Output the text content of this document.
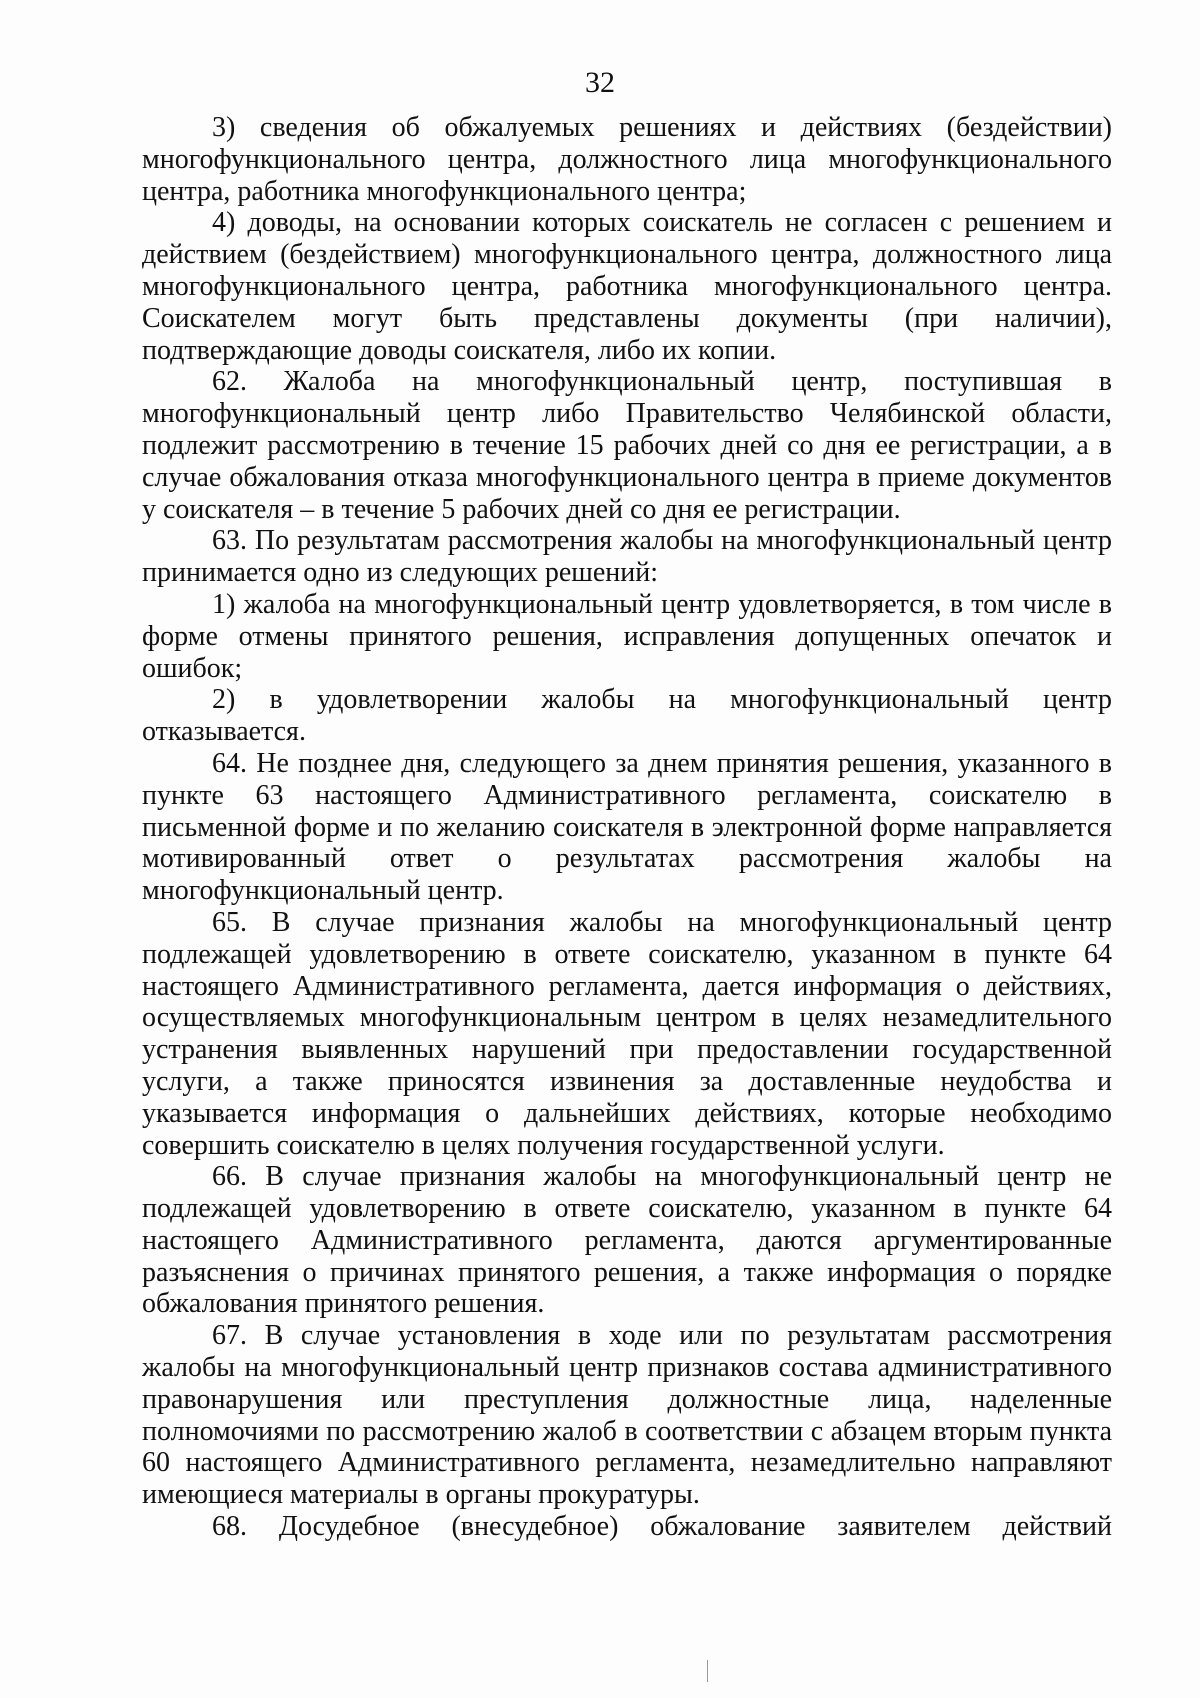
32

3) сведения об обжалуемых решениях и действиях (бездействии) многофункционального центра, должностного лица многофункционального центра, работника многофункционального центра;

4) доводы, на основании которых соискатель не согласен с решением и действием (бездействием) многофункционального центра, должностного лица многофункционального центра, работника многофункционального центра. Соискателем могут быть представлены документы (при наличии), подтверждающие доводы соискателя, либо их копии.

62. Жалоба на многофункциональный центр, поступившая в многофункциональный центр либо Правительство Челябинской области, подлежит рассмотрению в течение 15 рабочих дней со дня ее регистрации, а в случае обжалования отказа многофункционального центра в приеме документов у соискателя – в течение 5 рабочих дней со дня ее регистрации.

63. По результатам рассмотрения жалобы на многофункциональный центр принимается одно из следующих решений:

1) жалоба на многофункциональный центр удовлетворяется, в том числе в форме отмены принятого решения, исправления допущенных опечаток и ошибок;

2) в удовлетворении жалобы на многофункциональный центр отказывается.

64. Не позднее дня, следующего за днем принятия решения, указанного в пункте 63 настоящего Административного регламента, соискателю в письменной форме и по желанию соискателя в электронной форме направляется мотивированный ответ о результатах рассмотрения жалобы на многофункциональный центр.

65. В случае признания жалобы на многофункциональный центр подлежащей удовлетворению в ответе соискателю, указанном в пункте 64 настоящего Административного регламента, дается информация о действиях, осуществляемых многофункциональным центром в целях незамедлительного устранения выявленных нарушений при предоставлении государственной услуги, а также приносятся извинения за доставленные неудобства и указывается информация о дальнейших действиях, которые необходимо совершить соискателю в целях получения государственной услуги.

66. В случае признания жалобы на многофункциональный центр не подлежащей удовлетворению в ответе соискателю, указанном в пункте 64 настоящего Административного регламента, даются аргументированные разъяснения о причинах принятого решения, а также информация о порядке обжалования принятого решения.

67. В случае установления в ходе или по результатам рассмотрения жалобы на многофункциональный центр признаков состава административного правонарушения или преступления должностные лица, наделенные полномочиями по рассмотрению жалоб в соответствии с абзацем вторым пункта 60 настоящего Административного регламента, незамедлительно направляют имеющиеся материалы в органы прокуратуры.

68. Досудебное (внесудебное) обжалование заявителем действий
